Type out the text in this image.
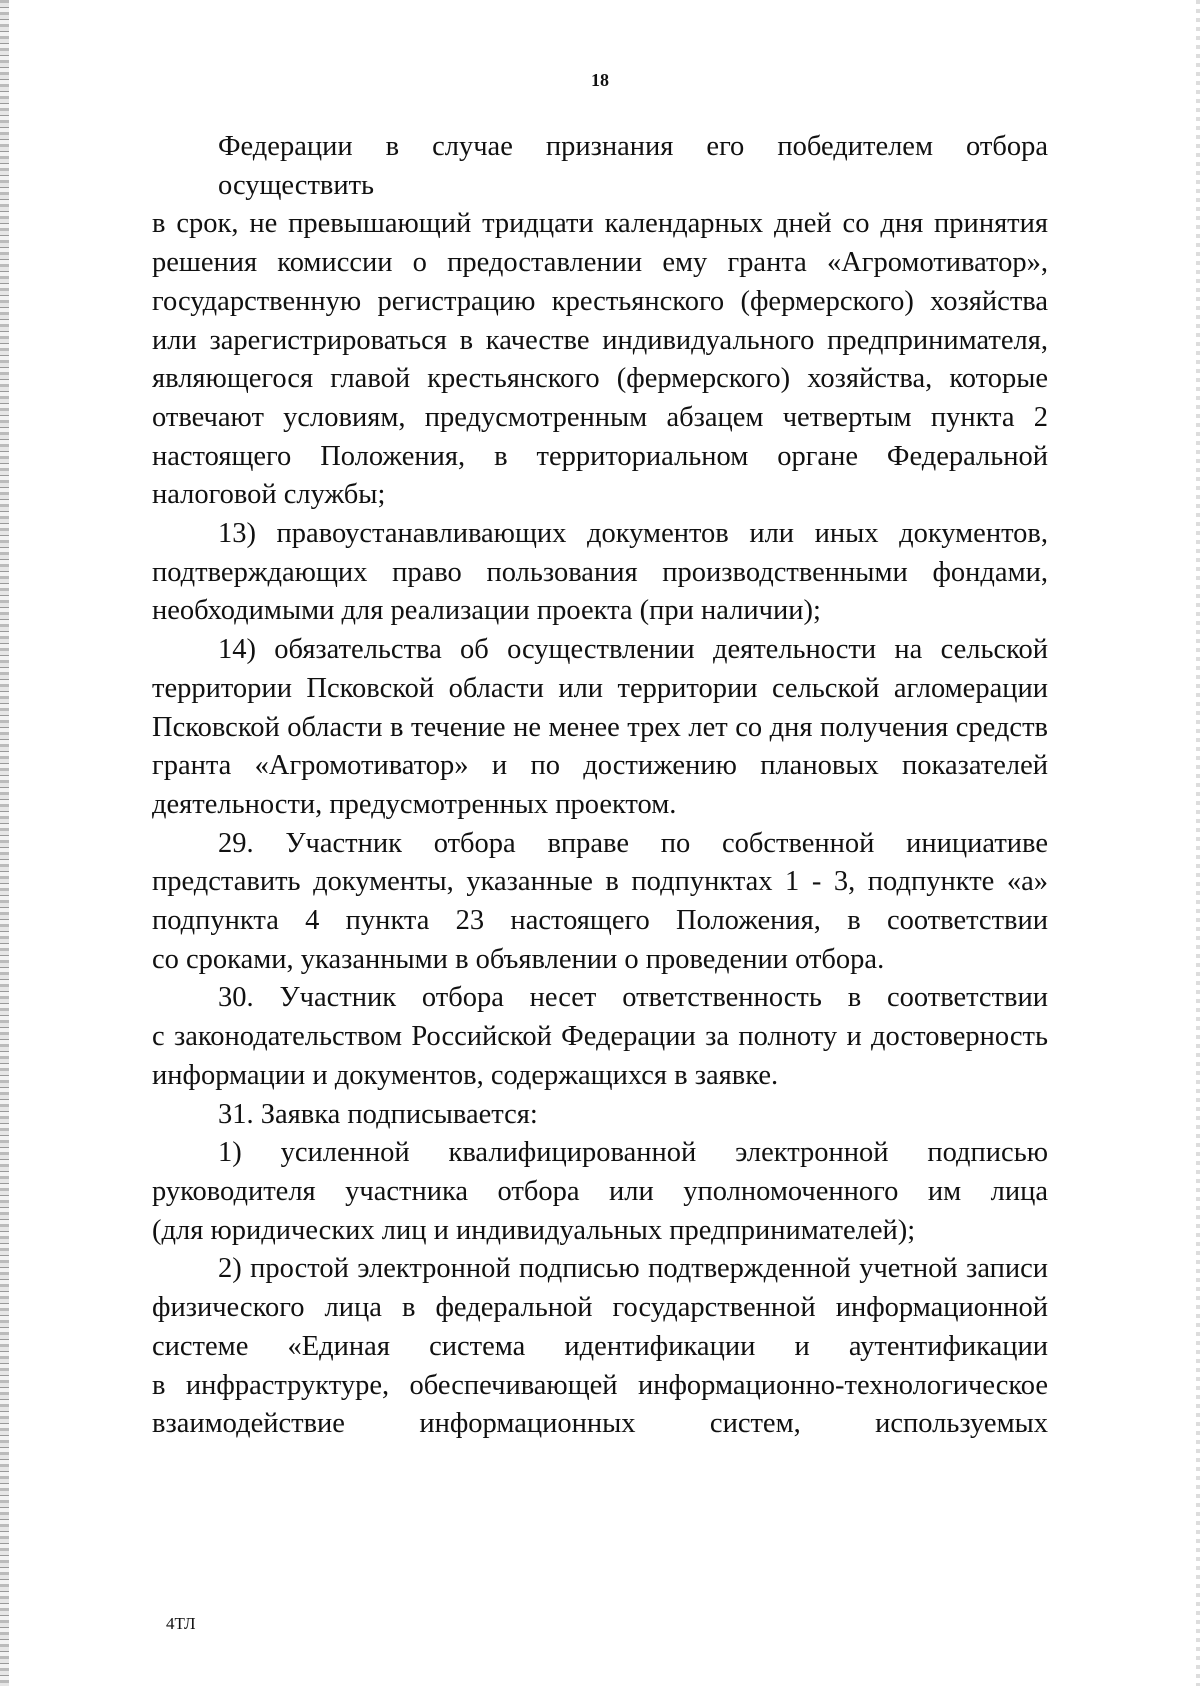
18
Федерации в случае признания его победителем отбора осуществить
в срок, не превышающий тридцати календарных дней со дня принятия
решения комиссии о предоставлении ему гранта «Агромотиватор»,
государственную регистрацию крестьянского (фермерского) хозяйства
или зарегистрироваться в качестве индивидуального предпринимателя,
являющегося главой крестьянского (фермерского) хозяйства, которые
отвечают условиям, предусмотренным абзацем четвертым пункта 2
настоящего Положения, в территориальном органе Федеральной
налоговой службы;
13) правоустанавливающих документов или иных документов,
подтверждающих право пользования производственными фондами,
необходимыми для реализации проекта (при наличии);
14) обязательства об осуществлении деятельности на сельской
территории Псковской области или территории сельской агломерации
Псковской области в течение не менее трех лет со дня получения средств
гранта «Агромотиватор» и по достижению плановых показателей
деятельности, предусмотренных проектом.
29. Участник отбора вправе по собственной инициативе
представить документы, указанные в подпунктах 1 - 3, подпункте «а»
подпункта 4 пункта 23 настоящего Положения, в соответствии
со сроками, указанными в объявлении о проведении отбора.
30. Участник отбора несет ответственность в соответствии
с законодательством Российской Федерации за полноту и достоверность
информации и документов, содержащихся в заявке.
31. Заявка подписывается:
1) усиленной квалифицированной электронной подписью
руководителя участника отбора или уполномоченного им лица
(для юридических лиц и индивидуальных предпринимателей);
2) простой электронной подписью подтвержденной учетной записи
физического лица в федеральной государственной информационной
системе «Единая система идентификации и аутентификации
в инфраструктуре, обеспечивающей информационно-технологическое
взаимодействие информационных систем, используемых
4ТЛ
